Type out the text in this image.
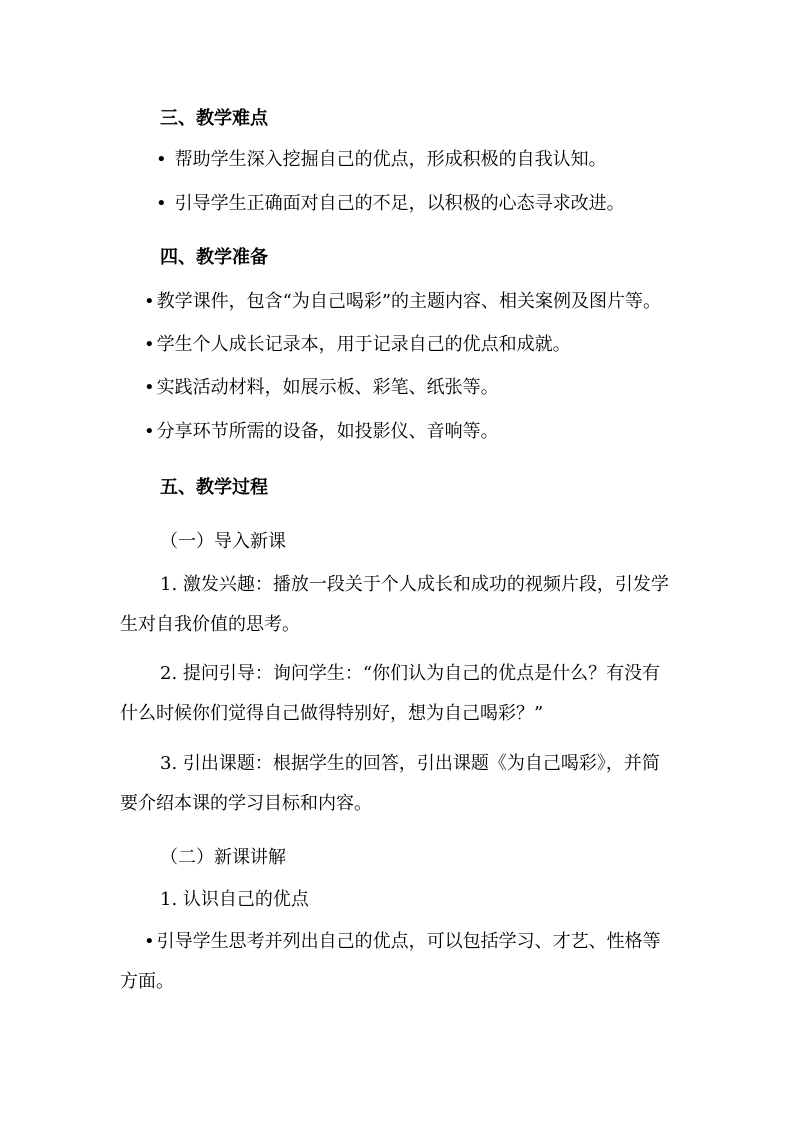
三、教学难点
• 帮助学生深入挖掘自己的优点，形成积极的自我认知。
• 引导学生正确面对自己的不足，以积极的心态寻求改进。
四、教学准备
• 教学课件，包含“为自己喝彩”的主题内容、相关案例及图片等。
• 学生个人成长记录本，用于记录自己的优点和成就。
• 实践活动材料，如展示板、彩笔、纸张等。
• 分享环节所需的设备，如投影仪、音响等。
五、教学过程
（一）导入新课
1. 激发兴趣：播放一段关于个人成长和成功的视频片段，引发学
生对自我价值的思考。
2. 提问引导：询问学生：“你们认为自己的优点是什么？有没有
什么时候你们觉得自己做得特别好，想为自己喝彩？”
3. 引出课题：根据学生的回答，引出课题《为自己喝彩》，并简
要介绍本课的学习目标和内容。
（二）新课讲解
1. 认识自己的优点
• 引导学生思考并列出自己的优点，可以包括学习、才艺、性格等
方面。
